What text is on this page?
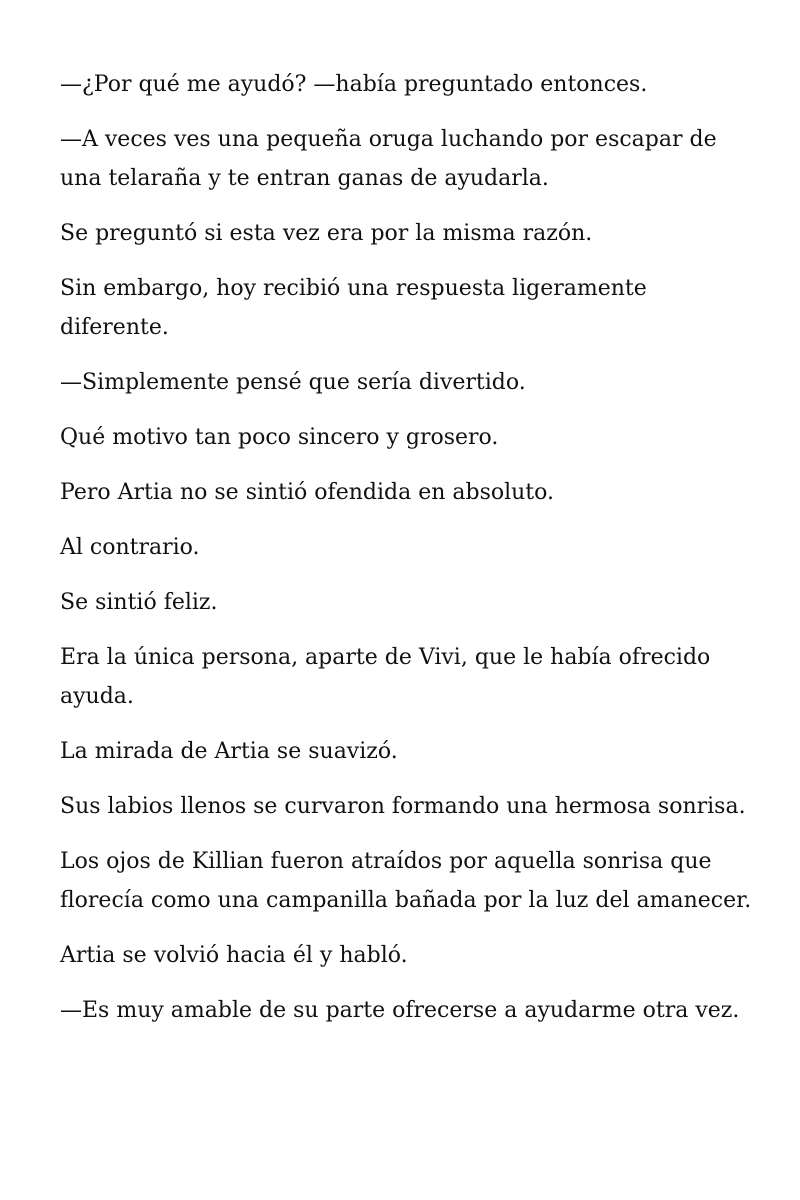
—¿Por qué me ayudó? —había preguntado entonces.

—A veces ves una pequeña oruga luchando por escapar de una telaraña y te entran ganas de ayudarla.

Se preguntó si esta vez era por la misma razón.

Sin embargo, hoy recibió una respuesta ligeramente diferente.

—Simplemente pensé que sería divertido.

Qué motivo tan poco sincero y grosero.

Pero Artia no se sintió ofendida en absoluto.

Al contrario.

Se sintió feliz.

Era la única persona, aparte de Vivi, que le había ofrecido ayuda.

La mirada de Artia se suavizó.

Sus labios llenos se curvaron formando una hermosa sonrisa.

Los ojos de Killian fueron atraídos por aquella sonrisa que florecía como una campanilla bañada por la luz del amanecer.

Artia se volvió hacia él y habló.

—Es muy amable de su parte ofrecerse a ayudarme otra vez.
